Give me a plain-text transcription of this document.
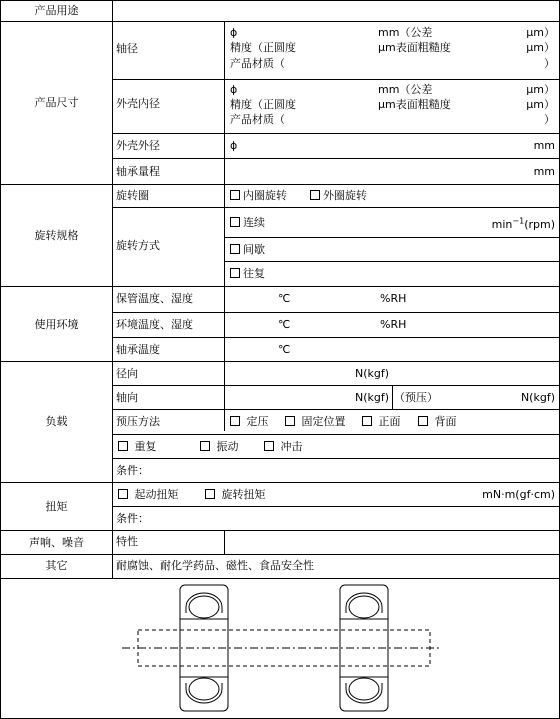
产品用途
产品尺寸
轴径
ϕ	mm（公差	μm）
精度（正圆度	μm表面粗糙度	μm）
产品材质（	）
外壳内径
ϕ	mm（公差	μm）
精度（正圆度	μm表面粗糙度	μm）
产品材质（	）
外壳外径	ϕ	mm
轴承量程	mm
旋转规格
旋转圈	内圈旋转	外圈旋转
旋转方式
连续	$\min^{-1}(rpm)$
间歇
往复
使用环境
保管温度、湿度	℃	%RH
环境温度、湿度	℃	%RH
轴承温度	℃
负载
径向	N(kgf)
轴向	N(kgf) （预压）	N(kgf)
预压方法	定压	固定位置	正面	背面
重复	振动	冲击
条件：
扭矩
起动扭矩	旋转扭矩	mN·m(gf·cm)
条件：
声响、噪音	特性
其它	耐腐蚀、耐化学药品、磁性、食品安全性
